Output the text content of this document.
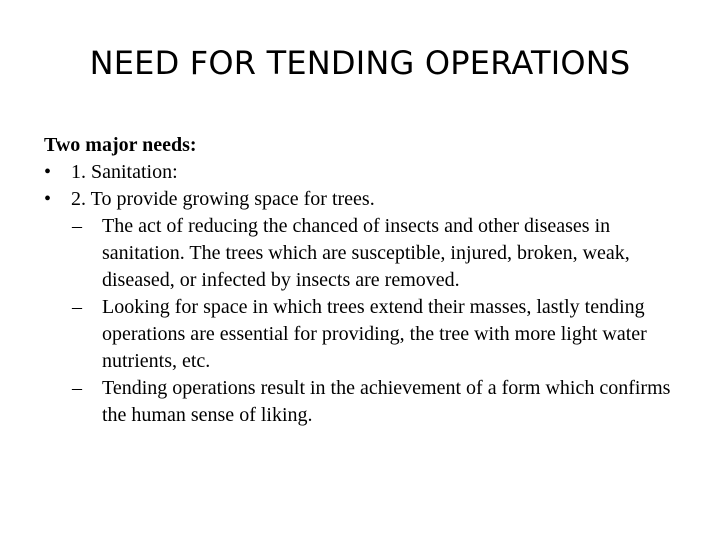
NEED FOR TENDING OPERATIONS
Two major needs:
• 1. Sanitation:
• 2. To provide growing space for trees.
–	The act of reducing the chanced of insects and other diseases in sanitation. The trees which are susceptible, injured, broken, weak, diseased, or infected by insects are removed.
–	Looking for space in which trees extend their masses, lastly tending operations are essential for providing, the tree with more light water nutrients, etc.
–	Tending operations result in the achievement of a form which confirms the human sense of liking.
